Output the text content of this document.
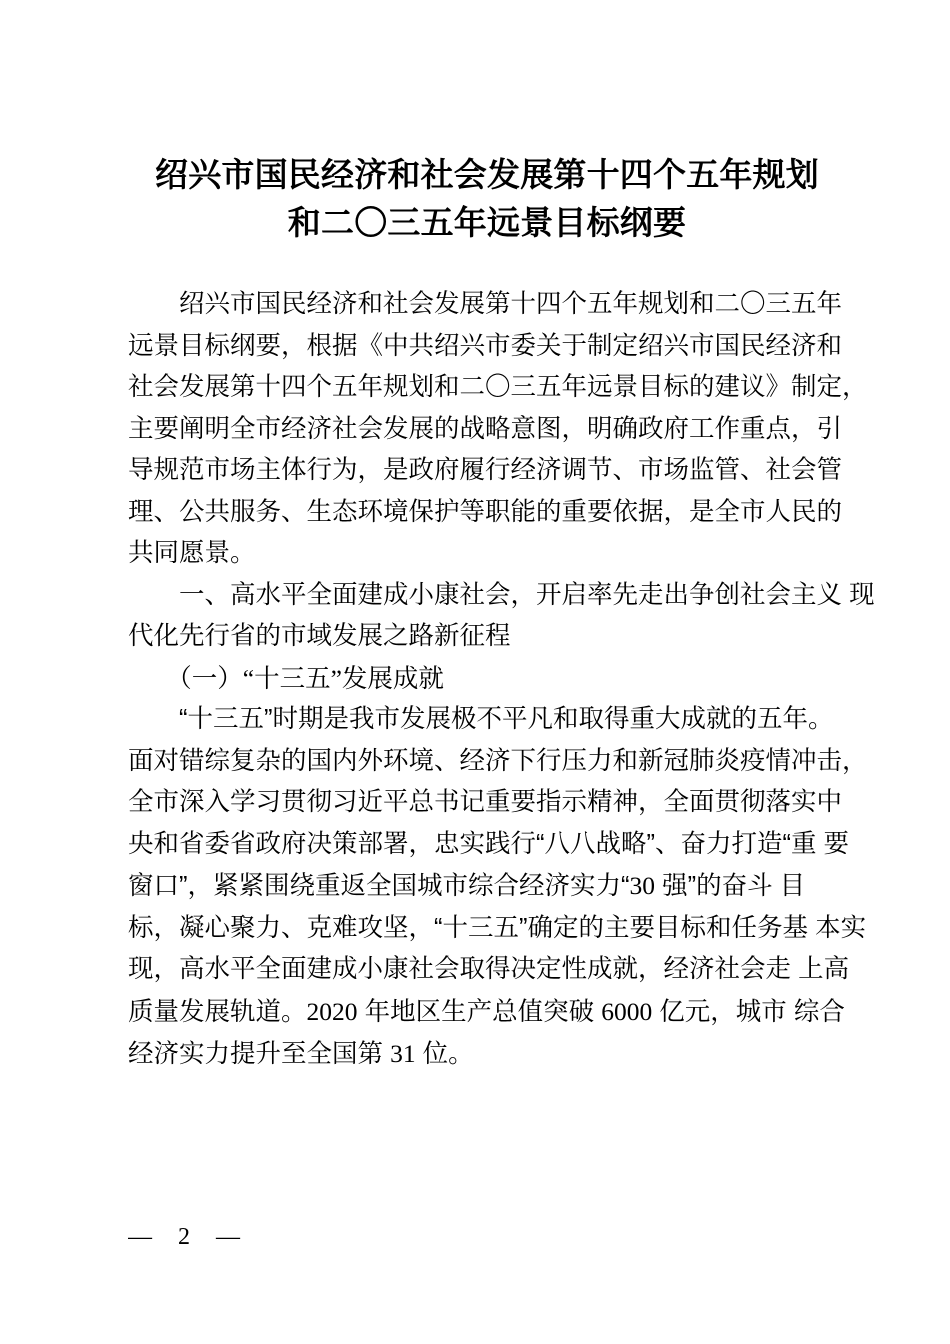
绍兴市国民经济和社会发展第十四个五年规划
和二〇三五年远景目标纲要

　　绍兴市国民经济和社会发展第十四个五年规划和二〇三五年
远景目标纲要，根据《中共绍兴市委关于制定绍兴市国民经济和
社会发展第十四个五年规划和二〇三五年远景目标的建议》制定，
主要阐明全市经济社会发展的战略意图，明确政府工作重点，引
导规范市场主体行为，是政府履行经济调节、市场监管、社会管
理、公共服务、生态环境保护等职能的重要依据，是全市人民的
共同愿景。

　　一、高水平全面建成小康社会，开启率先走出争创社会主义 现
代化先行省的市域发展之路新征程

　　（一）“十三五”发展成就

　　“十三五”时期是我市发展极不平凡和取得重大成就的五年。
面对错综复杂的国内外环境、经济下行压力和新冠肺炎疫情冲击，
全市深入学习贯彻习近平总书记重要指示精神，全面贯彻落实中
央和省委省政府决策部署，忠实践行“八八战略”、奋力打造“重 要
窗口”，紧紧围绕重返全国城市综合经济实力“30 强”的奋斗 目
标，凝心聚力、克难攻坚，“十三五”确定的主要目标和任务基 本实
现，高水平全面建成小康社会取得决定性成就，经济社会走 上高
质量发展轨道。2020 年地区生产总值突破 6000 亿元，城市 综合
经济实力提升至全国第 31 位。

— 2 —
